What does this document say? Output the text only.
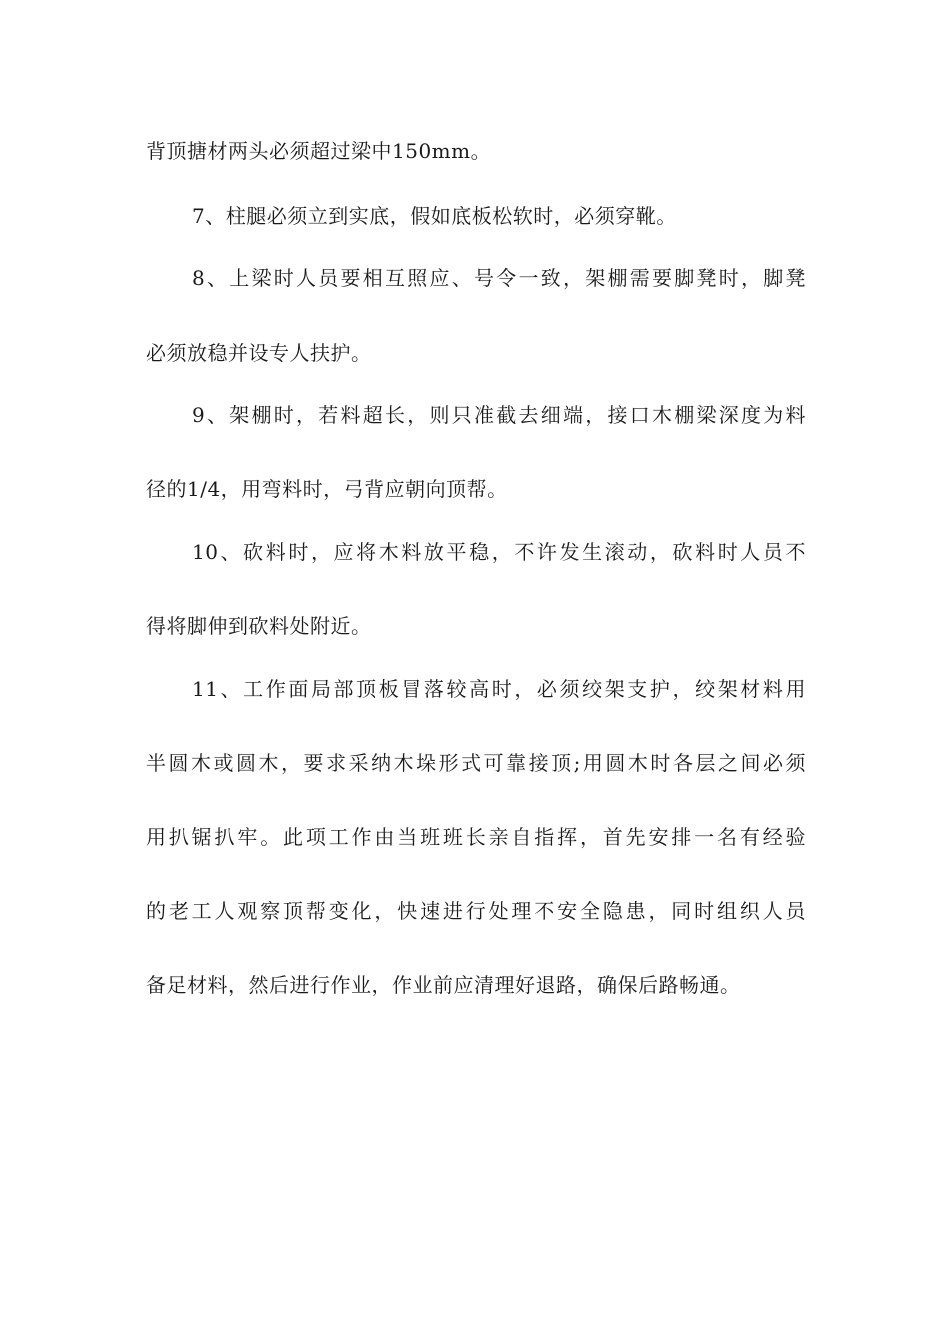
背顶搪材两头必须超过梁中150mm。
7、柱腿必须立到实底，假如底板松软时，必须穿靴。
8、上梁时人员要相互照应、号令一致，架棚需要脚凳时，脚凳
必须放稳并设专人扶护。
9、架棚时，若料超长，则只准截去细端，接口木棚梁深度为料
径的1/4，用弯料时，弓背应朝向顶帮。
10、砍料时，应将木料放平稳，不许发生滚动，砍料时人员不
得将脚伸到砍料处附近。
11、工作面局部顶板冒落较高时，必须绞架支护，绞架材料用
半圆木或圆木，要求采纳木垛形式可靠接顶;用圆木时各层之间必须
用扒锯扒牢。此项工作由当班班长亲自指挥，首先安排一名有经验
的老工人观察顶帮变化，快速进行处理不安全隐患，同时组织人员
备足材料，然后进行作业，作业前应清理好退路，确保后路畅通。
